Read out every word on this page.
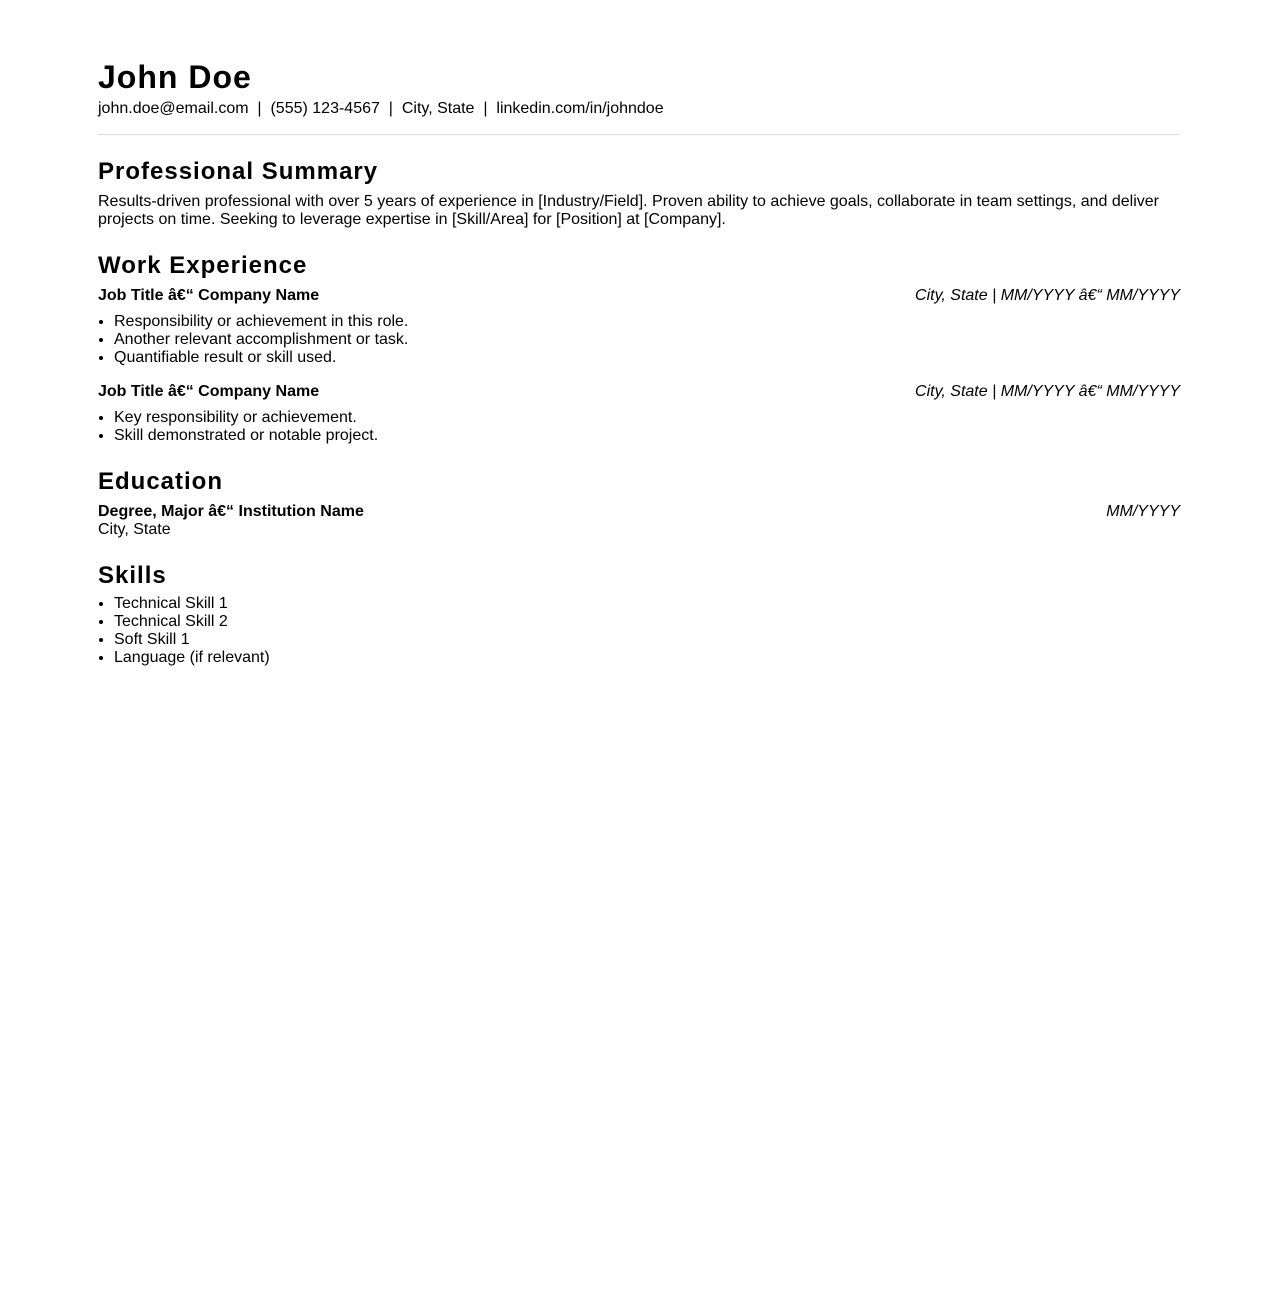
John Doe
john.doe@email.com  |  (555) 123-4567  |  City, State  |  linkedin.com/in/johndoe
Professional Summary
Results-driven professional with over 5 years of experience in [Industry/Field]. Proven ability to achieve goals, collaborate in team settings, and deliver projects on time. Seeking to leverage expertise in [Skill/Area] for [Position] at [Company].
Work Experience
Job Title â€“ Company Name	City, State | MM/YYYY â€“ MM/YYYY
• Responsibility or achievement in this role.
• Another relevant accomplishment or task.
• Quantifiable result or skill used.
Job Title â€“ Company Name	City, State | MM/YYYY â€“ MM/YYYY
• Key responsibility or achievement.
• Skill demonstrated or notable project.
Education
Degree, Major â€“ Institution Name	MM/YYYY
City, State
Skills
• Technical Skill 1
• Technical Skill 2
• Soft Skill 1
• Language (if relevant)
